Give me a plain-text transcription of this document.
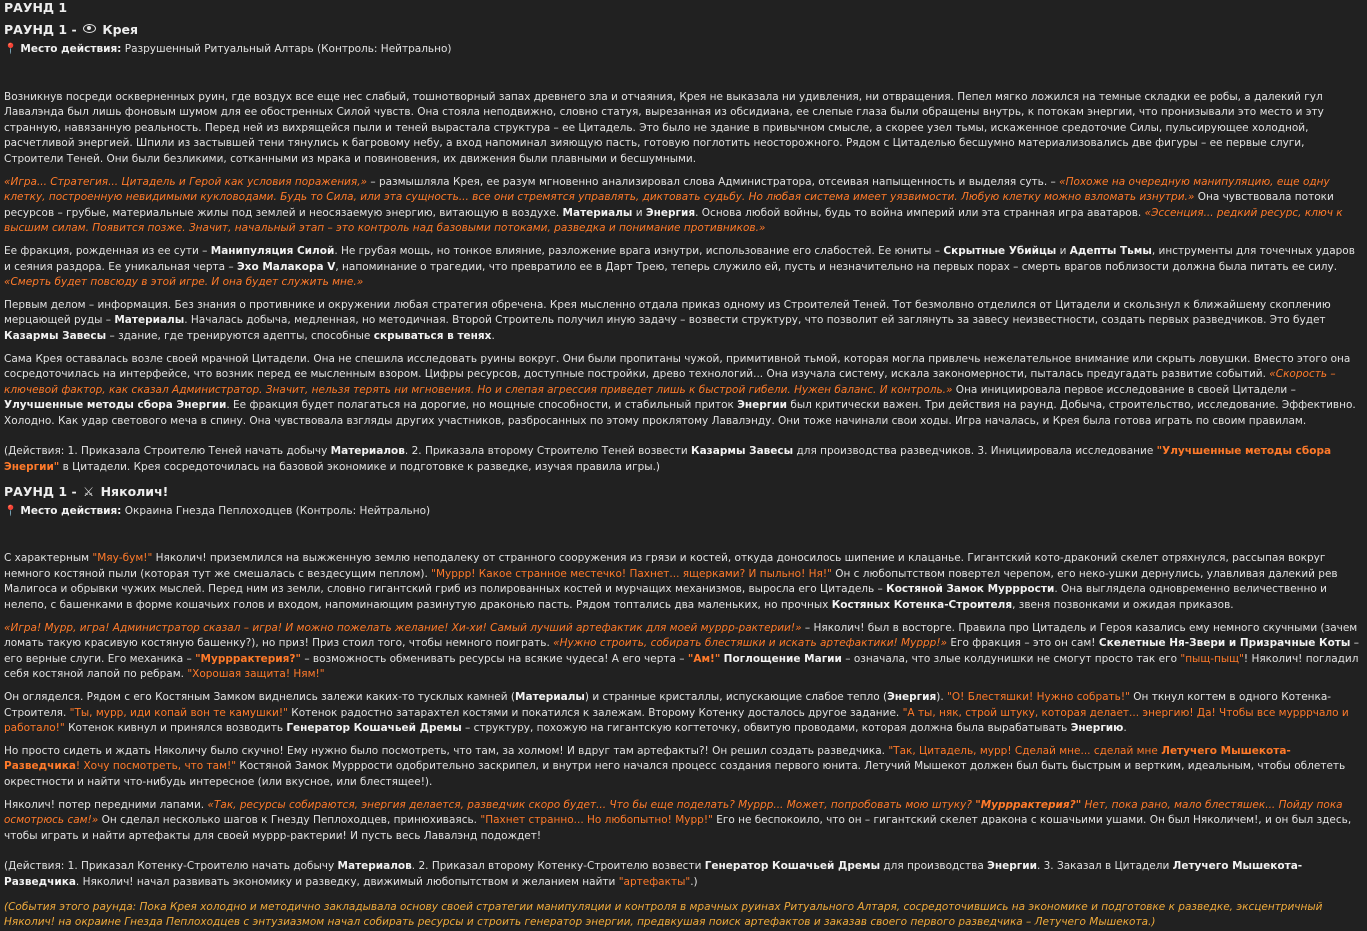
РАУНД 1
РАУНД 1 - Крея
📍 Место действия: Разрушенный Ритуальный Алтарь (Контроль: Нейтрально)

Возникнув посреди оскверненных руин, где воздух все еще нес слабый, тошнотворный запах древнего зла и отчаяния, Крея не выказала ни удивления, ни отвращения. Пепел мягко ложился на темные складки ее робы, а далекий гул Лавалэнда был лишь фоновым шумом для ее обостренных Силой чувств. Она стояла неподвижно, словно статуя, вырезанная из обсидиана, ее слепые глаза были обращены внутрь, к потокам энергии, что пронизывали это место и эту странную, навязанную реальность. Перед ней из вихрящейся пыли и теней вырастала структура – ее Цитадель. Это было не здание в привычном смысле, а скорее узел тьмы, искаженное средоточие Силы, пульсирующее холодной, расчетливой энергией. Шпили из застывшей тени тянулись к багровому небу, а вход напоминал зияющую пасть, готовую поглотить неосторожного. Рядом с Цитаделью бесшумно материализовались две фигуры – ее первые слуги, Строители Теней. Они были безликими, сотканными из мрака и повиновения, их движения были плавными и бесшумными.

«Игра... Стратегия... Цитадель и Герой как условия поражения,» – размышляла Крея, ее разум мгновенно анализировал слова Администратора, отсеивая напыщенность и выделяя суть. – «Похоже на очередную манипуляцию, еще одну клетку, построенную невидимыми кукловодами. Будь то Сила, или эта сущность... все они стремятся управлять, диктовать судьбу. Но любая система имеет уязвимости. Любую клетку можно взломать изнутри.» Она чувствовала потоки ресурсов – грубые, материальные жилы под землей и неосязаемую энергию, витающую в воздухе. Материалы и Энергия. Основа любой войны, будь то война империй или эта странная игра аватаров. «Эссенция... редкий ресурс, ключ к высшим силам. Появится позже. Значит, начальный этап – это контроль над базовыми потоками, разведка и понимание противников.»

Ее фракция, рожденная из ее сути – Манипуляция Силой. Не грубая мощь, но тонкое влияние, разложение врага изнутри, использование его слабостей. Ее юниты – Скрытные Убийцы и Адепты Тьмы, инструменты для точечных ударов и сеяния раздора. Ее уникальная черта – Эхо Малакора V, напоминание о трагедии, что превратило ее в Дарт Трею, теперь служило ей, пусть и незначительно на первых порах – смерть врагов поблизости должна была питать ее силу. «Смерть будет повсюду в этой игре. И она будет служить мне.»

Первым делом – информация. Без знания о противнике и окружении любая стратегия обречена. Крея мысленно отдала приказ одному из Строителей Теней. Тот безмолвно отделился от Цитадели и скользнул к ближайшему скоплению мерцающей руды – Материалы. Началась добыча, медленная, но методичная. Второй Строитель получил иную задачу – возвести структуру, что позволит ей заглянуть за завесу неизвестности, создать первых разведчиков. Это будет Казармы Завесы – здание, где тренируются адепты, способные скрываться в тенях.

Сама Крея оставалась возле своей мрачной Цитадели. Она не спешила исследовать руины вокруг. Они были пропитаны чужой, примитивной тьмой, которая могла привлечь нежелательное внимание или скрыть ловушки. Вместо этого она сосредоточилась на интерфейсе, что возник перед ее мысленным взором. Цифры ресурсов, доступные постройки, древо технологий... Она изучала систему, искала закономерности, пыталась предугадать развитие событий. «Скорость – ключевой фактор, как сказал Администратор. Значит, нельзя терять ни мгновения. Но и слепая агрессия приведет лишь к быстрой гибели. Нужен баланс. И контроль.» Она инициировала первое исследование в своей Цитадели – Улучшенные методы сбора Энергии. Ее фракция будет полагаться на дорогие, но мощные способности, и стабильный приток Энергии был критически важен. Три действия на раунд. Добыча, строительство, исследование. Эффективно. Холодно. Как удар светового меча в спину. Она чувствовала взгляды других участников, разбросанных по этому проклятому Лавалэнду. Они тоже начинали свои ходы. Игра началась, и Крея была готова играть по своим правилам.

(Действия: 1. Приказала Строителю Теней начать добычу Материалов. 2. Приказала второму Строителю Теней возвести Казармы Завесы для производства разведчиков. 3. Инициировала исследование "Улучшенные методы сбора Энергии" в Цитадели. Крея сосредоточилась на базовой экономике и подготовке к разведке, изучая правила игры.)

РАУНД 1 - ⚔ Няколич!
📍 Место действия: Окраина Гнезда Пеплоходцев (Контроль: Нейтрально)

С характерным "Мяу-бум!" Няколич! приземлился на выжженную землю неподалеку от странного сооружения из грязи и костей, откуда доносилось шипение и клацанье. Гигантский кото-драконий скелет отряхнулся, рассыпая вокруг немного костяной пыли (которая тут же смешалась с вездесущим пеплом). "Муррр! Какое странное местечко! Пахнет... ящерками? И пыльно! Ня!" Он с любопытством повертел черепом, его неко-ушки дернулись, улавливая далекий рев Малигоса и обрывки чужих мыслей. Перед ним из земли, словно гигантский гриб из полированных костей и мурчащих механизмов, выросла его Цитадель – Костяной Замок Мурррости. Она выглядела одновременно величественно и нелепо, с башенками в форме кошачьих голов и входом, напоминающим разинутую драконью пасть. Рядом топтались два маленьких, но прочных Костяных Котенка-Строителя, звеня позвонками и ожидая приказов.

«Игра! Мурр, игра! Администратор сказал – игра! И можно пожелать желание! Хи-хи! Самый лучший артефактик для моей муррр-рактерии!» – Няколич! был в восторге. Правила про Цитадель и Героя казались ему немного скучными (зачем ломать такую красивую костяную башенку?), но приз! Приз стоил того, чтобы немного поиграть. «Нужно строить, собирать блестяшки и искать артефактики! Муррр!» Его фракция – это он сам! Скелетные Ня-Звери и Призрачные Коты – его верные слуги. Его механика – "Мурррактерия?" – возможность обменивать ресурсы на всякие чудеса! А его черта – "Ам!" Поглощение Магии – означала, что злые колдунишки не смогут просто так его "пыщ-пыщ"! Няколич! погладил себя костяной лапой по ребрам. "Хорошая защита! Ням!"

Он огляделся. Рядом с его Костяным Замком виднелись залежи каких-то тусклых камней (Материалы) и странные кристаллы, испускающие слабое тепло (Энергия). "О! Блестяшки! Нужно собрать!" Он ткнул когтем в одного Котенка-Строителя. "Ты, мурр, иди копай вон те камушки!" Котенок радостно затарахтел костями и покатился к залежам. Второму Котенку досталось другое задание. "А ты, няк, строй штуку, которая делает... энергию! Да! Чтобы все мурррчало и работало!" Котенок кивнул и принялся возводить Генератор Кошачьей Дремы – структуру, похожую на гигантскую когтеточку, обвитую проводами, которая должна была вырабатывать Энергию.

Но просто сидеть и ждать Няколичу было скучно! Ему нужно было посмотреть, что там, за холмом! И вдруг там артефакты?! Он решил создать разведчика. "Так, Цитадель, мурр! Сделай мне... сделай мне Летучего Мышекота-Разведчика! Хочу посмотреть, что там!" Костяной Замок Мурррости одобрительно заскрипел, и внутри него начался процесс создания первого юнита. Летучий Мышекот должен был быть быстрым и вертким, идеальным, чтобы облететь окрестности и найти что-нибудь интересное (или вкусное, или блестящее!).

Няколич! потер передними лапами. «Так, ресурсы собираются, энергия делается, разведчик скоро будет... Что бы еще поделать? Муррр... Может, попробовать мою штуку? "Мурррактерия?" Нет, пока рано, мало блестяшек... Пойду пока осмотрюсь сам!» Он сделал несколько шагов к Гнезду Пеплоходцев, принюхиваясь. "Пахнет странно... Но любопытно! Мурр!" Его не беспокоило, что он – гигантский скелет дракона с кошачьими ушами. Он был Няколичем!, и он был здесь, чтобы играть и найти артефакты для своей муррр-рактерии! И пусть весь Лавалэнд подождет!

(Действия: 1. Приказал Котенку-Строителю начать добычу Материалов. 2. Приказал второму Котенку-Строителю возвести Генератор Кошачьей Дремы для производства Энергии. 3. Заказал в Цитадели Летучего Мышекота-Разведчика. Няколич! начал развивать экономику и разведку, движимый любопытством и желанием найти "артефакты".)

(События этого раунда: Пока Крея холодно и методично закладывала основу своей стратегии манипуляции и контроля в мрачных руинах Ритуального Алтаря, сосредоточившись на экономике и подготовке к разведке, эксцентричный Няколич! на окраине Гнезда Пеплоходцев с энтузиазмом начал собирать ресурсы и строить генератор энергии, предвкушая поиск артефактов и заказав своего первого разведчика – Летучего Мышекота.)
